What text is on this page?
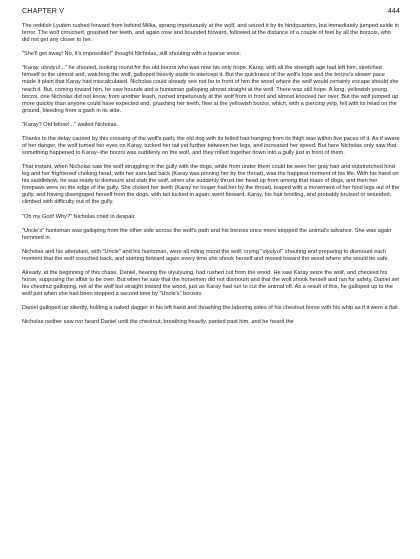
CHAPTER V	444

The reddish Lyubim rushed forward from behind Milka, sprang impetuously at the wolf, and seized it by its hindquarters, but immediately jumped aside in terror. The wolf crouched, gnashed her teeth, and again rose and bounded forward, followed at the distance of a couple of feet by all the borzois, who did not get any closer to her.

"She'll get away! No, it's impossible!" thought Nicholas, still shouting with a hoarse voice.

"Karay, ulyulyu!..." he shouted, looking round for the old borzoi who was now his only hope. Karay, with all the strength age had left him, stretched himself to the utmost and, watching the wolf, galloped heavily aside to intercept it. But the quickness of the wolf's lope and the borzoi's slower pace made it plain that Karay had miscalculated. Nicholas could already see not far in front of him the wood where the wolf would certainly escape should she reach it. But, coming toward him, he saw hounds and a huntsman galloping almost straight at the wolf. There was still hope. A long, yellowish young borzoi, one Nicholas did not know, from another leash, rushed impetuously at the wolf from in front and almost knocked her over. But the wolf jumped up more quickly than anyone could have expected and, gnashing her teeth, flew at the yellowish borzoi, which, with a piercing yelp, fell with its head on the ground, bleeding from a gash in its side.

"Karay? Old fellow!..." wailed Nicholas.

Thanks to the delay caused by this crossing of the wolf's path, the old dog with its felted hair hanging from its thigh was within five paces of it. As if aware of her danger, the wolf turned her eyes on Karay, tucked her tail yet further between her legs, and increased her speed. But here Nicholas only saw that something happened to Karay--the borzoi was suddenly on the wolf, and they rolled together down into a gully just in front of them.

That instant, when Nicholas saw the wolf struggling in the gully with the dogs, while from under them could be seen her gray hair and outstretched hind leg and her frightened choking head, with her ears laid back (Karay was pinning her by the throat), was the happiest moment of his life. With his hand on his saddlebow, he was ready to dismount and stab the wolf, when she suddenly thrust her head up from among that mass of dogs, and then her forepaws were on the edge of the gully. She clicked her teeth (Karay no longer had her by the throat), leaped with a movement of her hind legs out of the gully, and having disengaged herself from the dogs, with tail tucked in again, went forward. Karay, his hair bristling, and probably bruised or wounded, climbed with difficulty out of the gully.

"Oh my God! Why?" Nicholas cried in despair.

"Uncle's" huntsman was galloping from the other side across the wolf's path and his borzois once more stopped the animal's advance. She was again hemmed in.

Nicholas and his attendant, with "Uncle" and his huntsman, were all riding round the wolf, crying "ulyulyu!" shouting and preparing to dismount each moment that the wolf crouched back, and starting forward again every time she shook herself and moved toward the wood where she would be safe.

Already, at the beginning of this chase, Daniel, hearing the ulyulyuing, had rushed out from the wood. He saw Karay seize the wolf, and checked his horse, supposing the affair to be over. But when he saw that the horsemen did not dismount and that the wolf shook herself and ran for safety, Daniel set his chestnut galloping, not at the wolf but straight toward the wood, just as Karay had run to cut the animal off. As a result of this, he galloped up to the wolf just when she had been stopped a second time by "Uncle's" borzois.

Daniel galloped up silently, holding a naked dagger in his left hand and thrashing the laboring sides of his chestnut horse with his whip as if it were a flail.

Nicholas neither saw nor heard Daniel until the chestnut, breathing heavily, panted past him, and he heard the
